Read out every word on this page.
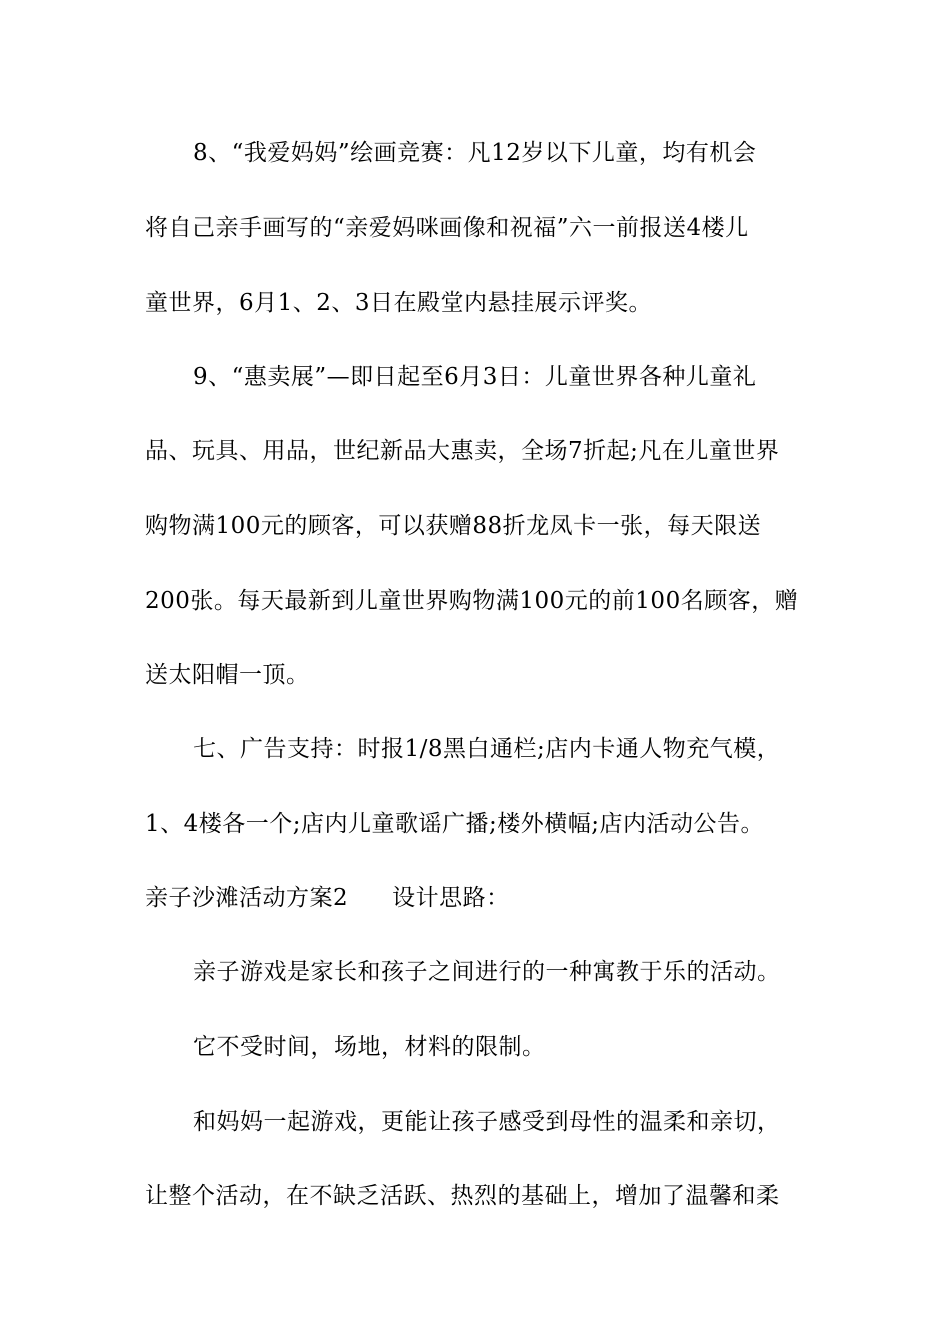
8、“我爱妈妈”绘画竞赛：凡12岁以下儿童，均有机会
将自己亲手画写的“亲爱妈咪画像和祝福”六一前报送4楼儿
童世界，6月1、2、3日在殿堂内悬挂展示评奖。
9、“惠卖展”—即日起至6月3日：儿童世界各种儿童礼
品、玩具、用品，世纪新品大惠卖，全场7折起;凡在儿童世界
购物满100元的顾客，可以获赠88折龙凤卡一张，每天限送
200张。每天最新到儿童世界购物满100元的前100名顾客，赠
送太阳帽一顶。
七、广告支持：时报1/8黑白通栏;店内卡通人物充气模，
1、4楼各一个;店内儿童歌谣广播;楼外横幅;店内活动公告。
亲子沙滩活动方案2 设计思路：
亲子游戏是家长和孩子之间进行的一种寓教于乐的活动。
它不受时间，场地，材料的限制。
和妈妈一起游戏，更能让孩子感受到母性的温柔和亲切，
让整个活动，在不缺乏活跃、热烈的基础上，增加了温馨和柔
